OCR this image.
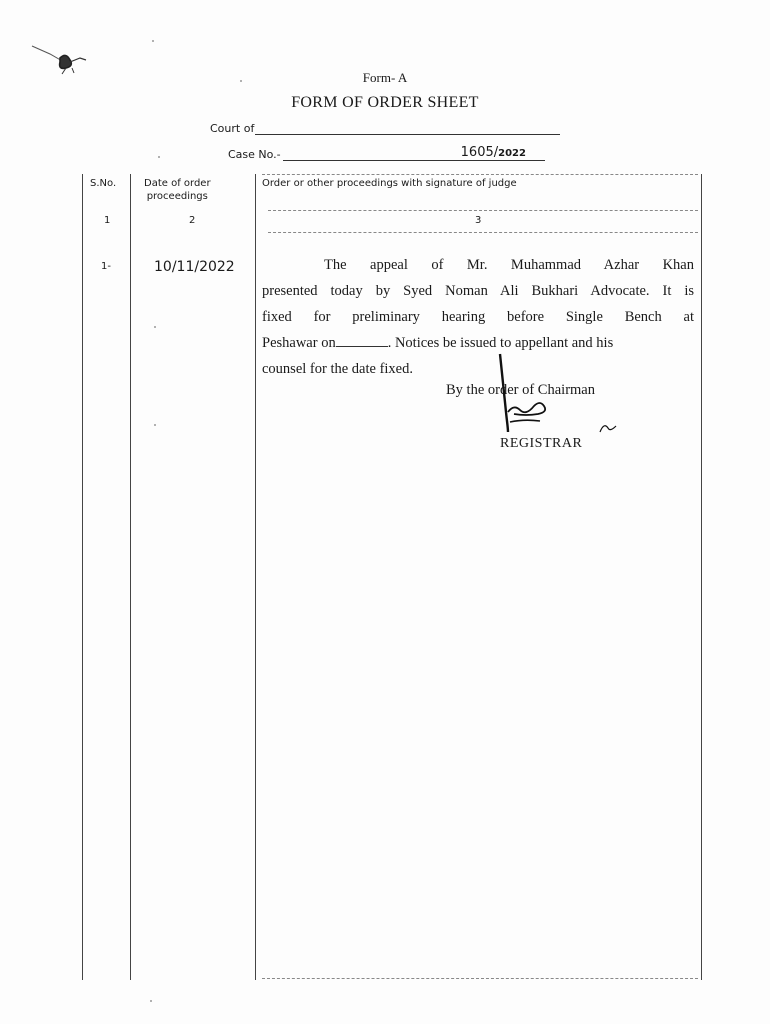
Form- A
FORM OF ORDER SHEET
Court of
Case No.-	1605/2022
S.No.	Date of order
proceedings
Order or other proceedings with signature of judge
1	2	3
1-	10/11/2022	The appeal of Mr. Muhammad Azhar Khan
presented today by Syed Noman Ali Bukhari Advocate. It is
fixed for preliminary hearing before Single Bench at
Peshawar on	. Notices be issued to appellant and his
counsel for the date fixed.
By the order of Chairman
REGISTRAR
